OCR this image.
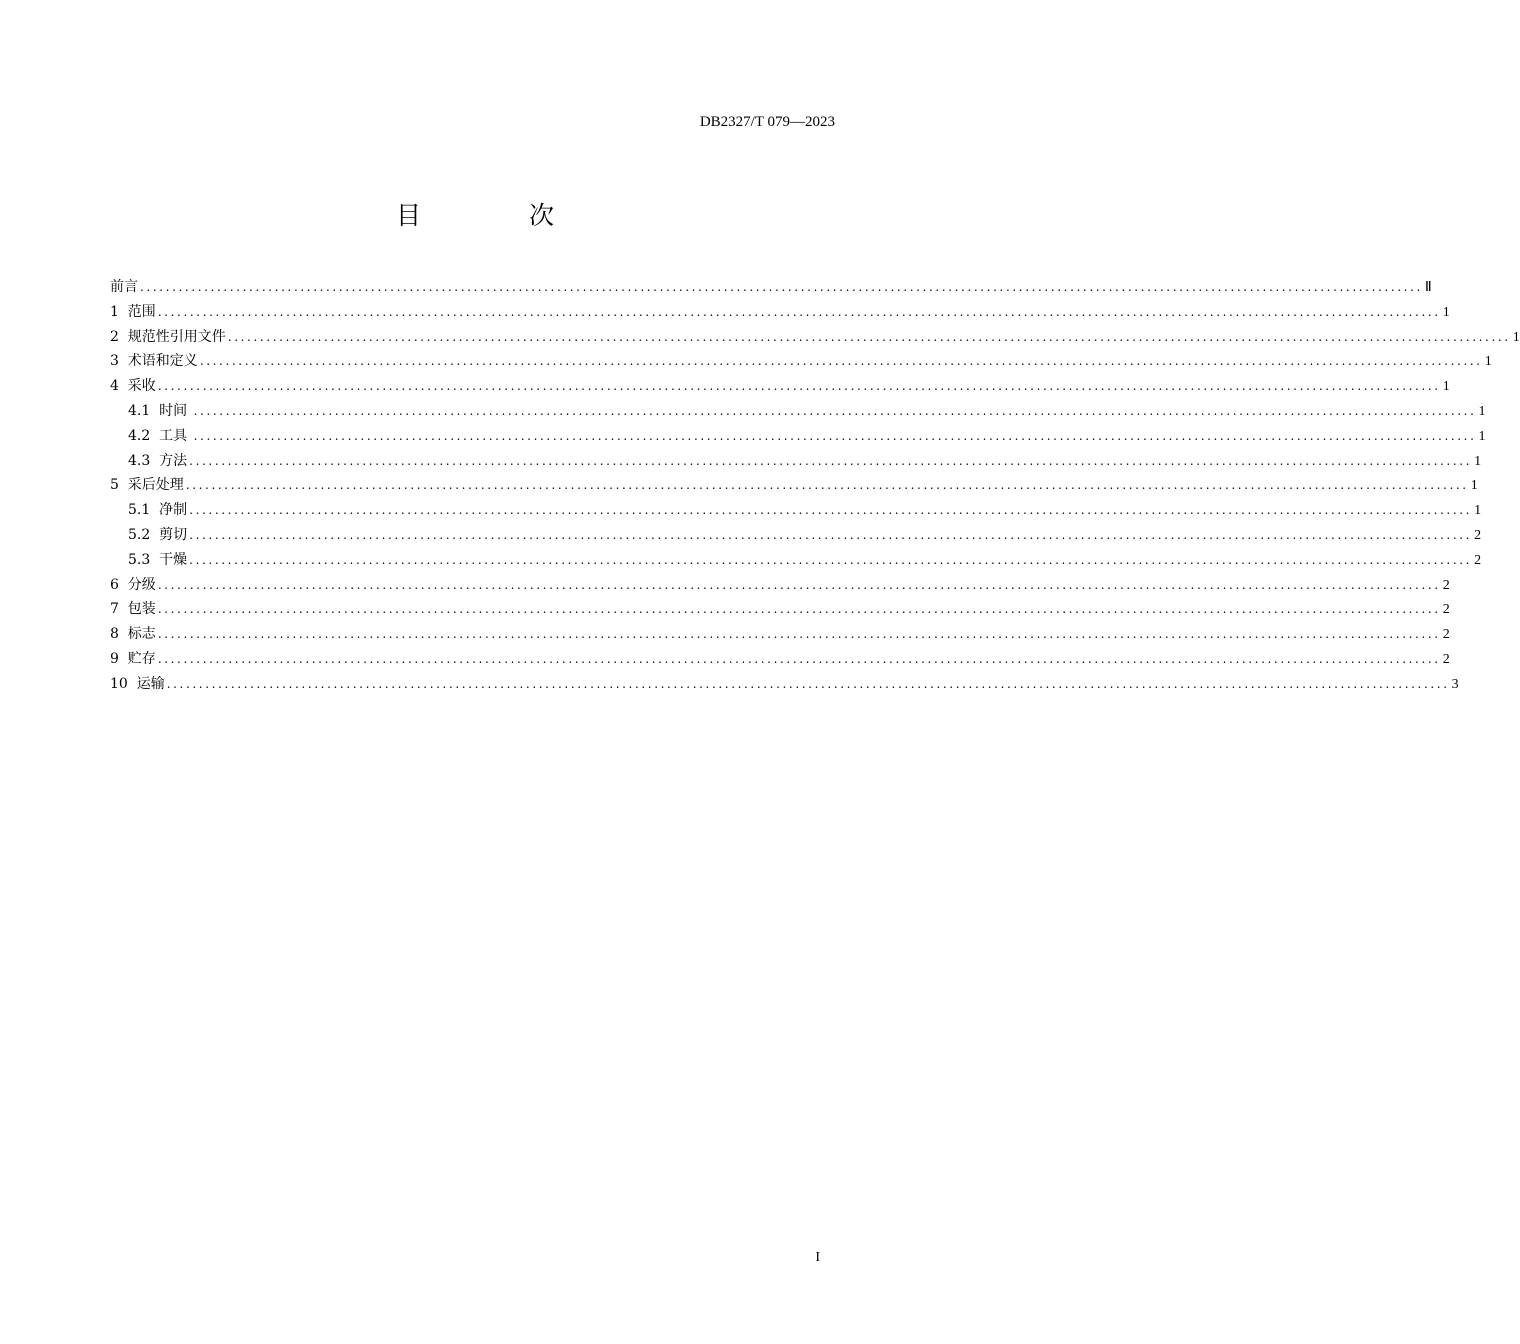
DB2327/T 079—2023
目 次
前言 ........................................................................................................................................................................................................ Ⅱ
1  范围 ........................................................................................................................................................................................................ 1
2  规范性引用文件 ........................................................................................................................................................................................................ 1
3  术语和定义 ........................................................................................................................................................................................................ 1
4  采收 ........................................................................................................................................................................................................ 1
4.1  时间 ........................................................................................................................................................................................................ 1
4.2  工具 ........................................................................................................................................................................................................ 1
4.3  方法 ........................................................................................................................................................................................................ 1
5  采后处理 ........................................................................................................................................................................................................ 1
5.1  净制 ........................................................................................................................................................................................................ 1
5.2  剪切 ........................................................................................................................................................................................................ 2
5.3  干燥 ........................................................................................................................................................................................................ 2
6  分级 ........................................................................................................................................................................................................ 2
7  包装 ........................................................................................................................................................................................................ 2
8  标志 ........................................................................................................................................................................................................ 2
9  贮存 ........................................................................................................................................................................................................ 2
10  运输 ........................................................................................................................................................................................................ 3
I
